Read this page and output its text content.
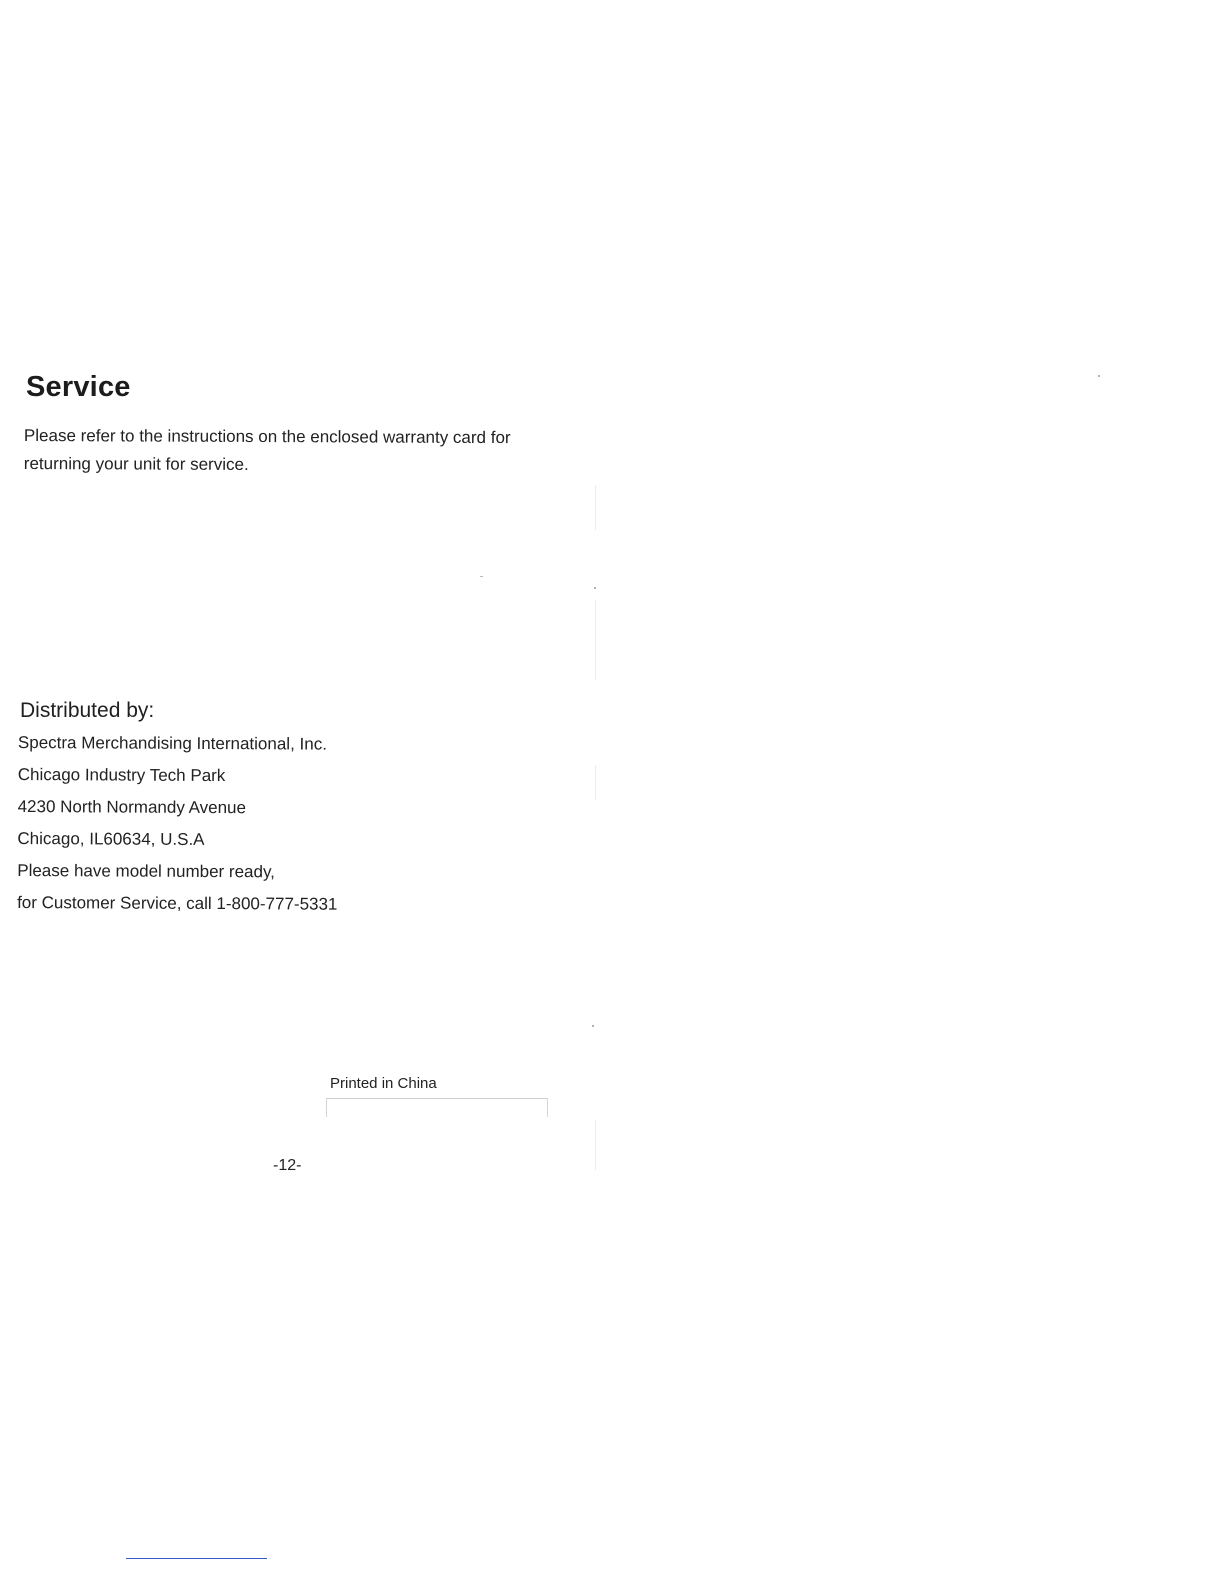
Service
Please refer to the instructions on the enclosed warranty card for
returning your unit for service.
Distributed by:
Spectra Merchandising International, Inc.
Chicago Industry Tech Park
4230 North Normandy Avenue
Chicago, IL60634, U.S.A
Please have model number ready,
for Customer Service, call 1-800-777-5331
Printed in China
-12-
